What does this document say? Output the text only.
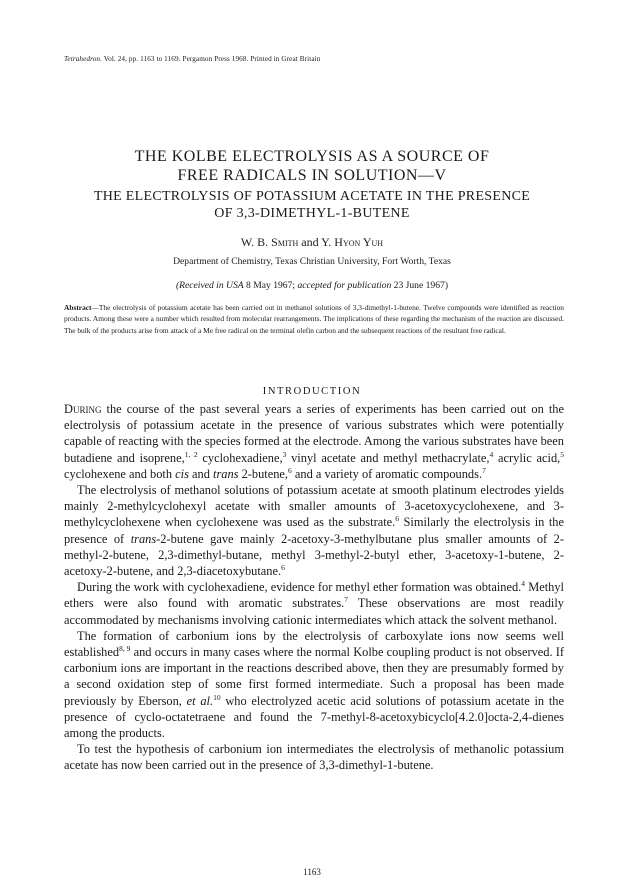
Tetrahedron. Vol. 24, pp. 1163 to 1169. Pergamon Press 1968. Printed in Great Britain
THE KOLBE ELECTROLYSIS AS A SOURCE OF
FREE RADICALS IN SOLUTION—V
THE ELECTROLYSIS OF POTASSIUM ACETATE IN THE PRESENCE
OF 3,3-DIMETHYL-1-BUTENE
W. B. Smith and Y. Hyon Yuh
Department of Chemistry, Texas Christian University, Fort Worth, Texas
(Received in USA 8 May 1967; accepted for publication 23 June 1967)

Abstract—The electrolysis of potassium acetate has been carried out in methanol solutions of 3,3-dimethyl-1-butene. Twelve compounds were identified as reaction products. Among these were a number which resulted from molecular rearrangements. The implications of these regarding the mechanism of the reaction are discussed. The bulk of the products arise from attack of a Me free radical on the terminal olefin carbon and the subsequent reactions of the resultant free radical.

INTRODUCTION

During the course of the past several years a series of experiments has been carried out on the electrolysis of potassium acetate in the presence of various substrates which were potentially capable of reacting with the species formed at the electrode. Among the various substrates have been butadiene and isoprene,$^{1, 2}$ cyclohexadiene,$^3$ vinyl acetate and methyl methacrylate,$^4$ acrylic acid,$^5$ cyclohexene and both cis and trans 2-butene,$^6$ and a variety of aromatic compounds.$^7$

The electrolysis of methanol solutions of potassium acetate at smooth platinum electrodes yields mainly 2-methylcyclohexyl acetate with smaller amounts of 3-acetoxycyclohexene, and 3-methylcyclohexene when cyclohexene was used as the substrate.$^6$ Similarly the electrolysis in the presence of trans-2-butene gave mainly 2-acetoxy-3-methylbutane plus smaller amounts of 2-methyl-2-butene, 2,3-dimethyl-butane, methyl 3-methyl-2-butyl ether, 3-acetoxy-1-butene, 2-acetoxy-2-butene, and 2,3-diacetoxybutane.$^6$

During the work with cyclohexadiene, evidence for methyl ether formation was obtained.$^4$ Methyl ethers were also found with aromatic substrates.$^7$ These observations are most readily accommodated by mechanisms involving cationic intermediates which attack the solvent methanol.

The formation of carbonium ions by the electrolysis of carboxylate ions now seems well established$^{8, 9}$ and occurs in many cases where the normal Kolbe coupling product is not observed. If carbonium ions are important in the reactions described above, then they are presumably formed by a second oxidation step of some first formed intermediate. Such a proposal has been made previously by Eberson, et al.$^{10}$ who electrolyzed acetic acid solutions of potassium acetate in the presence of cyclo-octatetraene and found the 7-methyl-8-acetoxybicyclo[4.2.0]octa-2,4-dienes among the products.

To test the hypothesis of carbonium ion intermediates the electrolysis of methanolic potassium acetate has now been carried out in the presence of 3,3-dimethyl-1-butene.

1163
